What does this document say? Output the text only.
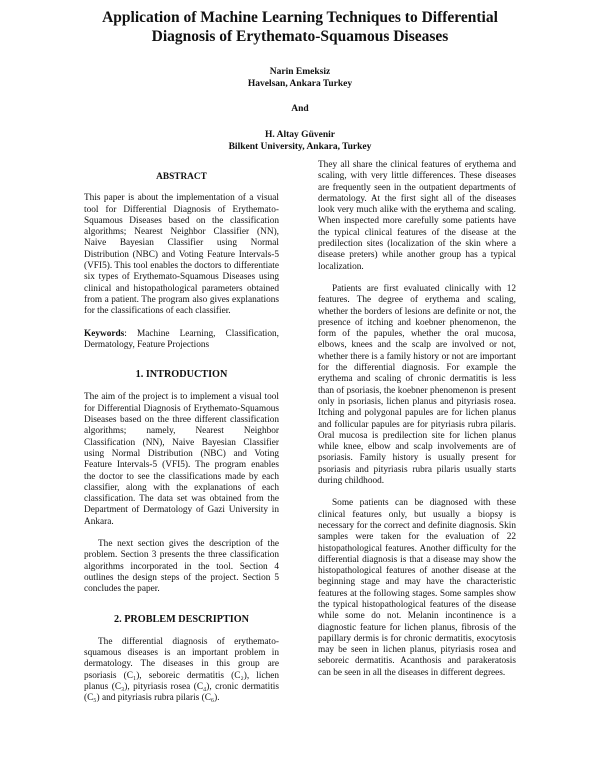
Application of Machine Learning Techniques to Differential
Diagnosis of Erythemato-Squamous Diseases
Narin Emeksiz
Havelsan, Ankara Turkey
And
H. Altay Güvenir
Bilkent University, Ankara, Turkey
ABSTRACT

This paper is about the implementation of a visual tool for Differential Diagnosis of Erythemato-Squamous Diseases based on the classification algorithms; Nearest Neighbor Classifier (NN), Naive Bayesian Classifier using Normal Distribution (NBC) and Voting Feature Intervals-5 (VFI5). This tool enables the doctors to differentiate six types of Erythemato-Squamous Diseases using clinical and histopathological parameters obtained from a patient. The program also gives explanations for the classifications of each classifier.

Keywords: Machine Learning, Classification, Dermatology, Feature Projections

1. INTRODUCTION

The aim of the project is to implement a visual tool for Differential Diagnosis of Erythemato-Squamous Diseases based on the three different classification algorithms; namely, Nearest Neighbor Classification (NN), Naive Bayesian Classifier using Normal Distribution (NBC) and Voting Feature Intervals-5 (VFI5). The program enables the doctor to see the classifications made by each classifier, along with the explanations of each classification. The data set was obtained from the Department of Dermatology of Gazi University in Ankara.

The next section gives the description of the problem. Section 3 presents the three classification algorithms incorporated in the tool. Section 4 outlines the design steps of the project. Section 5 concludes the paper.

2. PROBLEM DESCRIPTION

The differential diagnosis of erythemato-squamous diseases is an important problem in dermatology. The diseases in this group are psoriasis (C₁), seboreic dermatitis (C₂), lichen planus (C₃), pityriasis rosea (C₄), cronic dermatitis (C₅) and pityriasis rubra pilaris (C₆).

They all share the clinical features of erythema and scaling, with very little differences. These diseases are frequently seen in the outpatient departments of dermatology. At the first sight all of the diseases look very much alike with the erythema and scaling. When inspected more carefully some patients have the typical clinical features of the disease at the predilection sites (localization of the skin where a disease preters) while another group has a typical localization.

Patients are first evaluated clinically with 12 features. The degree of erythema and scaling, whether the borders of lesions are definite or not, the presence of itching and koebner phenomenon, the form of the papules, whether the oral mucosa, elbows, knees and the scalp are involved or not, whether there is a family history or not are important for the differential diagnosis. For example the erythema and scaling of chronic dermatitis is less than of psoriasis, the koebner phenomenon is present only in psoriasis, lichen planus and pityriasis rosea. Itching and polygonal papules are for lichen planus and follicular papules are for pityriasis rubra pilaris. Oral mucosa is predilection site for lichen planus while knee, elbow and scalp involvements are of psoriasis. Family history is usually present for psoriasis and pityriasis rubra pilaris usually starts during childhood.

Some patients can be diagnosed with these clinical features only, but usually a biopsy is necessary for the correct and definite diagnosis. Skin samples were taken for the evaluation of 22 histopathological features. Another difficulty for the differential diagnosis is that a disease may show the histopathological features of another disease at the beginning stage and may have the characteristic features at the following stages. Some samples show the typical histopathological features of the disease while some do not. Melanin incontinence is a diagnostic feature for lichen planus, fibrosis of the papillary dermis is for chronic dermatitis, exocytosis may be seen in lichen planus, pityriasis rosea and seboreic dermatitis. Acanthosis and parakeratosis can be seen in all the diseases in different degrees.
